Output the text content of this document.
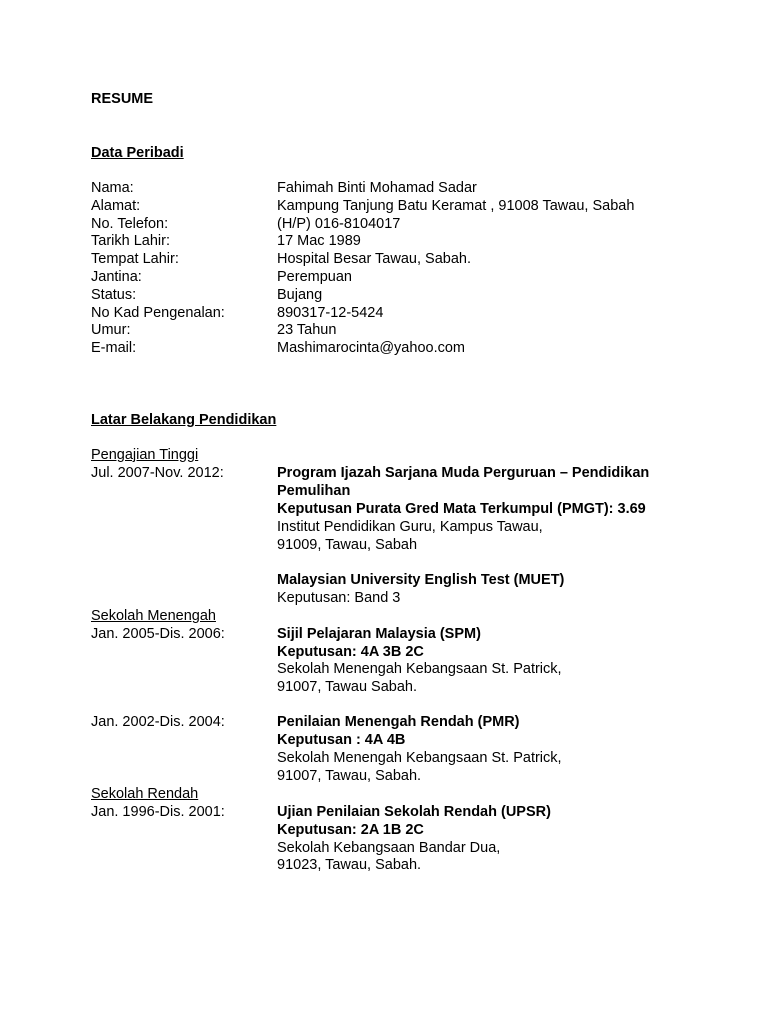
RESUME
Data Peribadi
Nama:	Fahimah Binti Mohamad Sadar
Alamat:	Kampung Tanjung Batu Keramat , 91008 Tawau, Sabah
No. Telefon:	(H/P) 016-8104017
Tarikh Lahir:	17 Mac 1989
Tempat Lahir:	Hospital Besar Tawau, Sabah.
Jantina:	Perempuan
Status:	Bujang
No Kad Pengenalan:	890317-12-5424
Umur:	23 Tahun
E-mail:	Mashimarocinta@yahoo.com
Latar Belakang Pendidikan
Pengajian Tinggi
Jul. 2007-Nov. 2012:	Program Ijazah Sarjana Muda Perguruan – Pendidikan
Pemulihan
Keputusan Purata Gred Mata Terkumpul (PMGT): 3.69
Institut Pendidikan Guru, Kampus Tawau,
91009, Tawau, Sabah
Malaysian University English Test (MUET)
Keputusan: Band 3
Sekolah Menengah
Jan. 2005-Dis. 2006:	Sijil Pelajaran Malaysia (SPM)
Keputusan: 4A 3B 2C
Sekolah Menengah Kebangsaan St. Patrick,
91007, Tawau Sabah.
Jan. 2002-Dis. 2004:	Penilaian Menengah Rendah (PMR)
Keputusan : 4A 4B
Sekolah Menengah Kebangsaan St. Patrick,
91007, Tawau, Sabah.
Sekolah Rendah
Jan. 1996-Dis. 2001:	Ujian Penilaian Sekolah Rendah (UPSR)
Keputusan: 2A 1B 2C
Sekolah Kebangsaan Bandar Dua,
91023, Tawau, Sabah.
